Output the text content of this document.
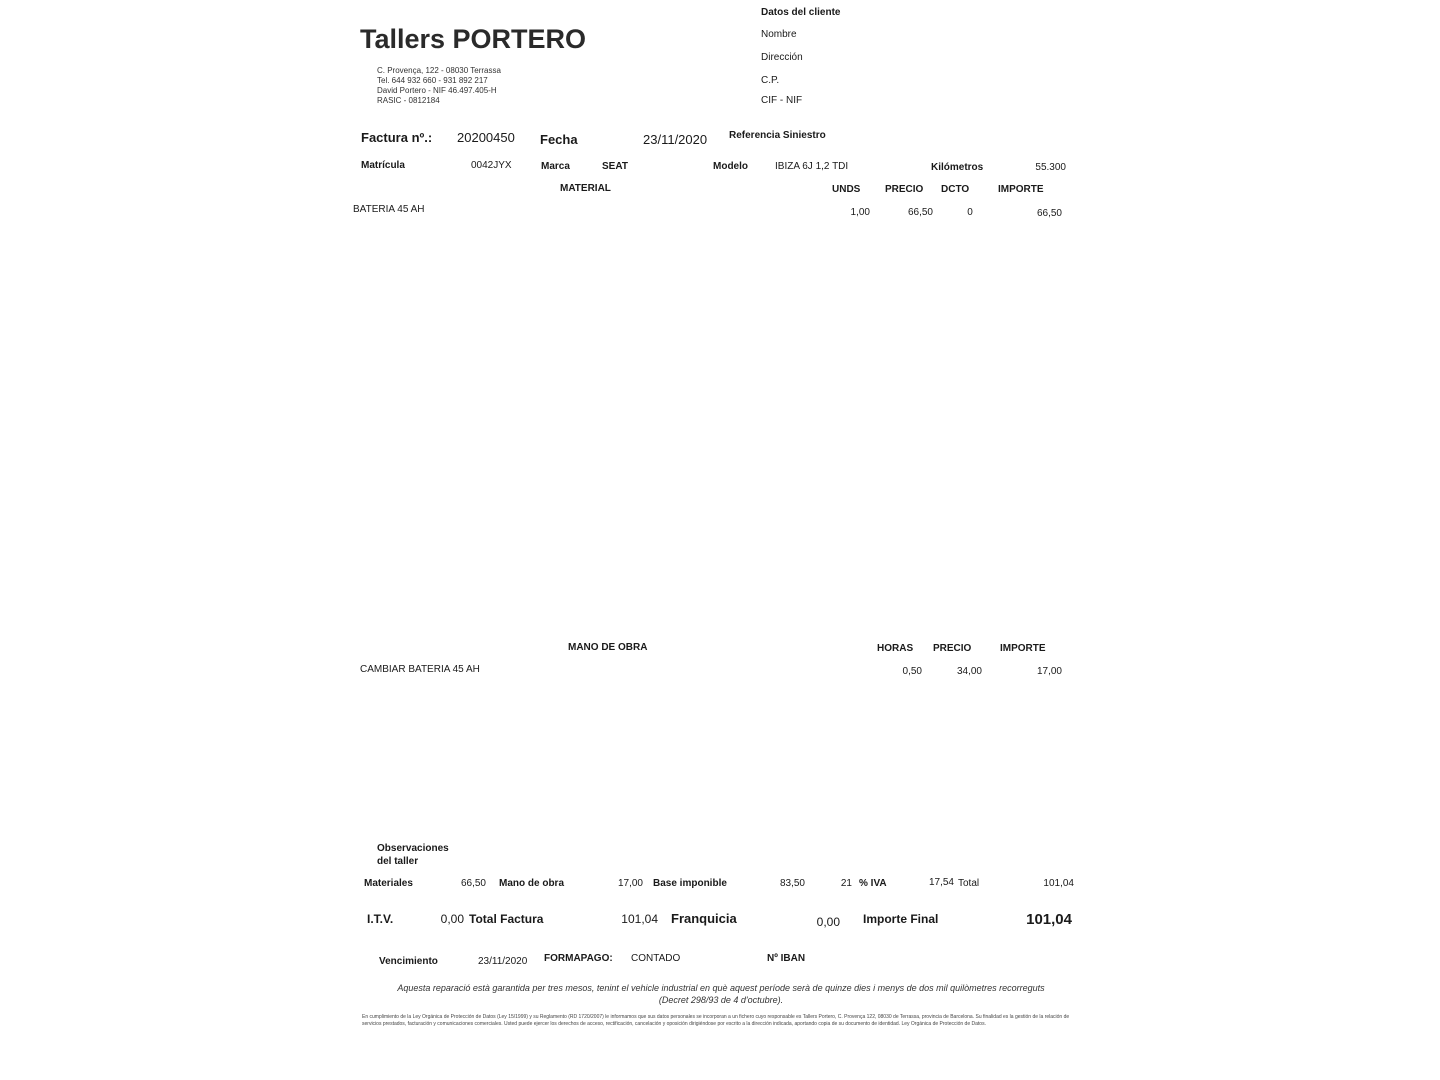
Tallers PORTERO
C. Provença, 122 - 08030 Terrassa
Tel. 644 932 660 - 931 892 217
David Portero - NIF 46.497.405-H
RASIC - 0812184
Datos del cliente
Nombre
Dirección
C.P.
CIF - NIF
Factura nº.: 20200450 Fecha	23/11/2020 Referencia Siniestro
Matrícula	0042JYX	Marca	SEAT	Modelo	IBIZA 6J 1,2 TDI	Kilómetros	55.300
MATERIAL	UNDS PRECIO DCTO	IMPORTE
BATERIA 45 AH	1,00	66,50	0	66,50
MANO DE OBRA	HORAS PRECIO	IMPORTE
CAMBIAR BATERIA 45 AH	0,50	34,00	17,00
Observaciones
del taller
Materiales	66,50 Mano de obra	17,00 Base imponible	83,50	21 % IVA	17,54 Total	101,04
I.T.V.	0,00 Total Factura	101,04 Franquicia	0,00 Importe Final	101,04
Vencimiento	23/11/2020 FORMAPAGO: CONTADO	Nº IBAN
Aquesta reparació està garantida per tres mesos, tenint el vehicle industrial en què aquest període serà de quinze dies i menys de dos mil quilòmetres recorreguts (Decret 298/93 de 4 d'octubre).
En cumplimiento de la Ley Orgánica de Protección de Datos (Ley 15/1999) y su Reglamento (RD 1720/2007) le informamos que sus datos personales se incorporan a un fichero cuyo responsable es Tallers Portero, C. Provença 122, 08030 de Terrassa, provincia de Barcelona. Su finalidad es la gestión de la relación de servicios prestados, facturación y comunicaciones comerciales. Usted puede ejercer los derechos de acceso, rectificación, cancelación y oposición dirigiéndose por escrito a la dirección indicada, aportando copia de su documento de identidad. Ley Orgánica de Protección de Datos.
